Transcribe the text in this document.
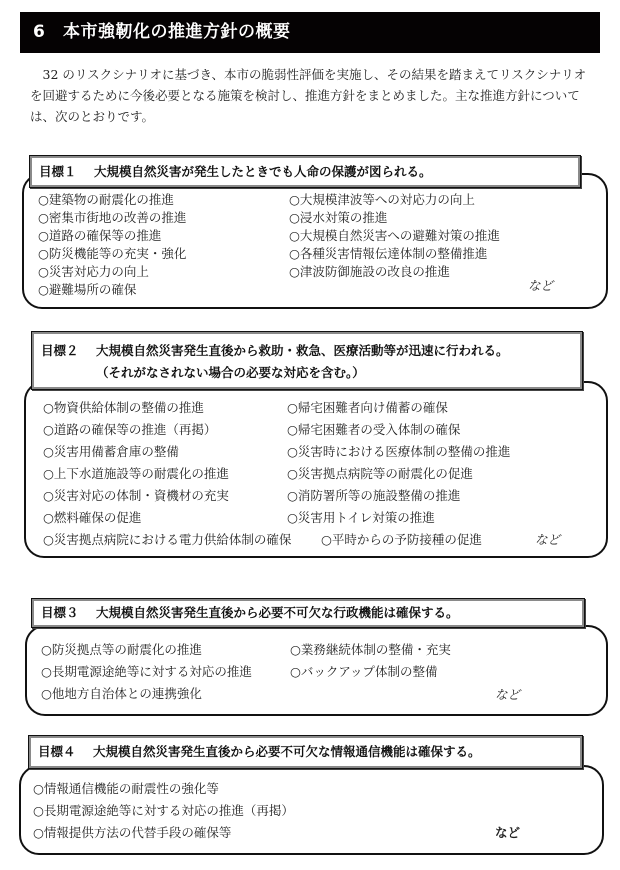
6 本市強靭化の推進方針の概要

32 のリスクシナリオに基づき、本市の脆弱性評価を実施し、その結果を踏まえてリスクシナリオを回避するために今後必要となる施策を検討し、推進方針をまとめました。主な推進方針については、次のとおりです。

目標１ 大規模自然災害が発生したときでも人命の保護が図られる。
○建築物の耐震化の推進	○大規模津波等への対応力の向上
○密集市街地の改善の推進	○浸水対策の推進
○道路の確保等の推進	○大規模自然災害への避難対策の推進
○防災機能等の充実・強化	○各種災害情報伝達体制の整備推進
○災害対応力の向上	○津波防御施設の改良の推進
○避難場所の確保	など
目標２ 大規模自然災害発生直後から救助・救急、医療活動等が迅速に行われる。
（それがなされない場合の必要な対応を含む。）
○物資供給体制の整備の推進	○帰宅困難者向け備蓄の確保
○道路の確保等の推進（再掲）	○帰宅困難者の受入体制の確保
○災害用備蓄倉庫の整備	○災害時における医療体制の整備の推進
○上下水道施設等の耐震化の推進	○災害拠点病院等の耐震化の促進
○災害対応の体制・資機材の充実	○消防署所等の施設整備の推進
○燃料確保の促進	○災害用トイレ対策の推進
○災害拠点病院における電力供給体制の確保 ○平時からの予防接種の促進	など
目標３ 大規模自然災害発生直後から必要不可欠な行政機能は確保する。
○防災拠点等の耐震化の推進	○業務継続体制の整備・充実
○長期電源途絶等に対する対応の推進	○バックアップ体制の整備
○他地方自治体との連携強化	など
目標４ 大規模自然災害発生直後から必要不可欠な情報通信機能は確保する。
○情報通信機能の耐震性の強化等
○長期電源途絶等に対する対応の推進（再掲）
○情報提供方法の代替手段の確保等	など
